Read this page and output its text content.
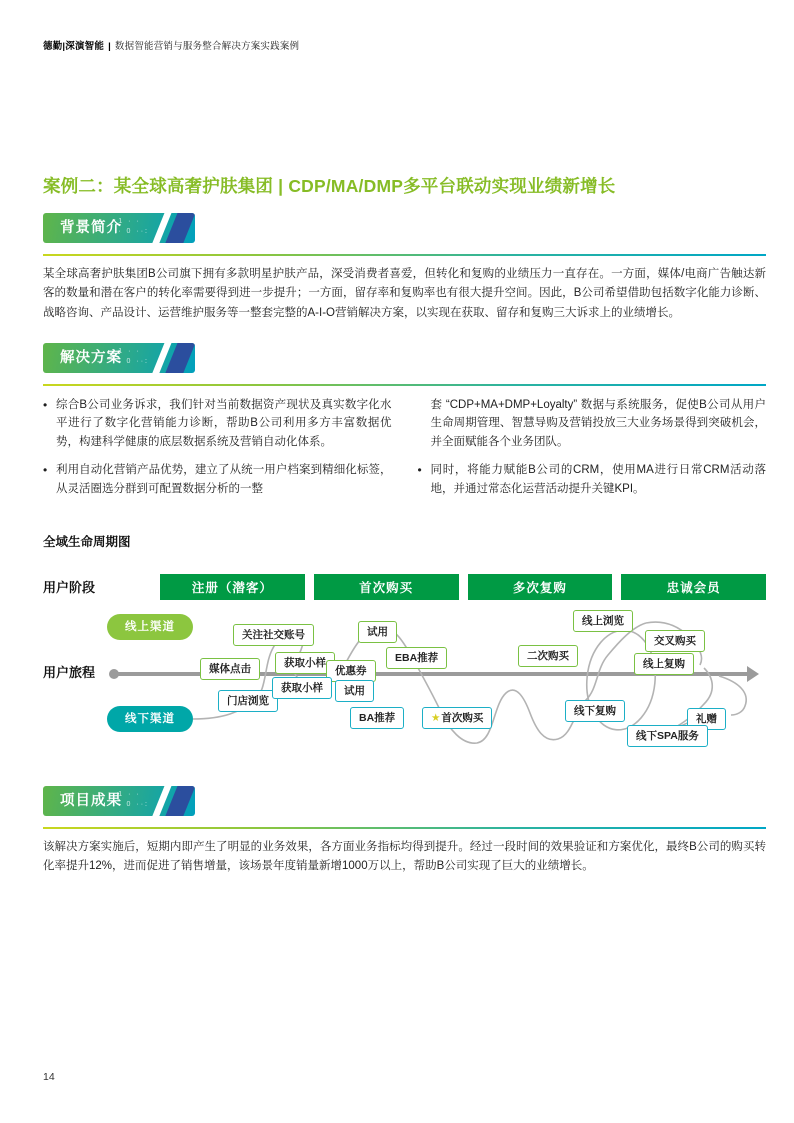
德勤|深演智能 | 数据智能营销与服务整合解决方案实践案例
案例二：某全球高奢护肤集团 | CDP/MA/DMP多平台联动实现业绩新增长
背景简介
1 · ·
· 0 ··:

某全球高奢护肤集团B公司旗下拥有多款明星护肤产品，深受消费者喜爱，但转化和复购的业绩压力一直存在。一方面，媒体/电商广告触达新客的数量和潜在客户的转化率需要得到进一步提升；一方面，留存率和复购率也有很大提升空间。因此，B公司希望借助包括数字化能力诊断、战略咨询、产品设计、运营维护服务等一整套完整的A-I-O营销解决方案，以实现在获取、留存和复购三大诉求上的业绩增长。

解决方案
1 · ·
· 0 ··:
• 综合B公司业务诉求，我们针对当前数据资产现状及真实数字化水平进行了数字化营销能力诊断，帮助B公司利用多方丰富数据优势，构建科学健康的底层数据系统及营销自动化体系。
• 利用自动化营销产品优势，建立了从统一用户档案到精细化标签，从灵活圈选分群到可配置数据分析的一整
套 “CDP+MA+DMP+Loyalty” 数据与系统服务，促使B公司从用户生命周期管理、智慧导购及营销投放三大业务场景得到突破机会，并全面赋能各个业务团队。
• 同时，将能力赋能B公司的CRM，使用MA进行日常CRM活动落地，并通过常态化运营活动提升关键KPI。
全域生命周期图
用户阶段	注册（潜客）	首次购买	多次复购	忠诚会员
用户旅程
线上渠道
线下渠道
关注社交账号
媒体点击	获取小样
优惠券
试用
EBA推荐	二次购买
线上浏览
交叉购买
线上复购
门店浏览
获取小样	试用
BA推荐	★首次购买
线下复购
礼赠
线下SPA服务
项目成果
1 · ·
· 0 ··:

该解决方案实施后，短期内即产生了明显的业务效果，各方面业务指标均得到提升。经过一段时间的效果验证和方案优化，最终B公司的购买转化率提升12%，进而促进了销售增量，该场景年度销量新增1000万以上，帮助B公司实现了巨大的业绩增长。

14
